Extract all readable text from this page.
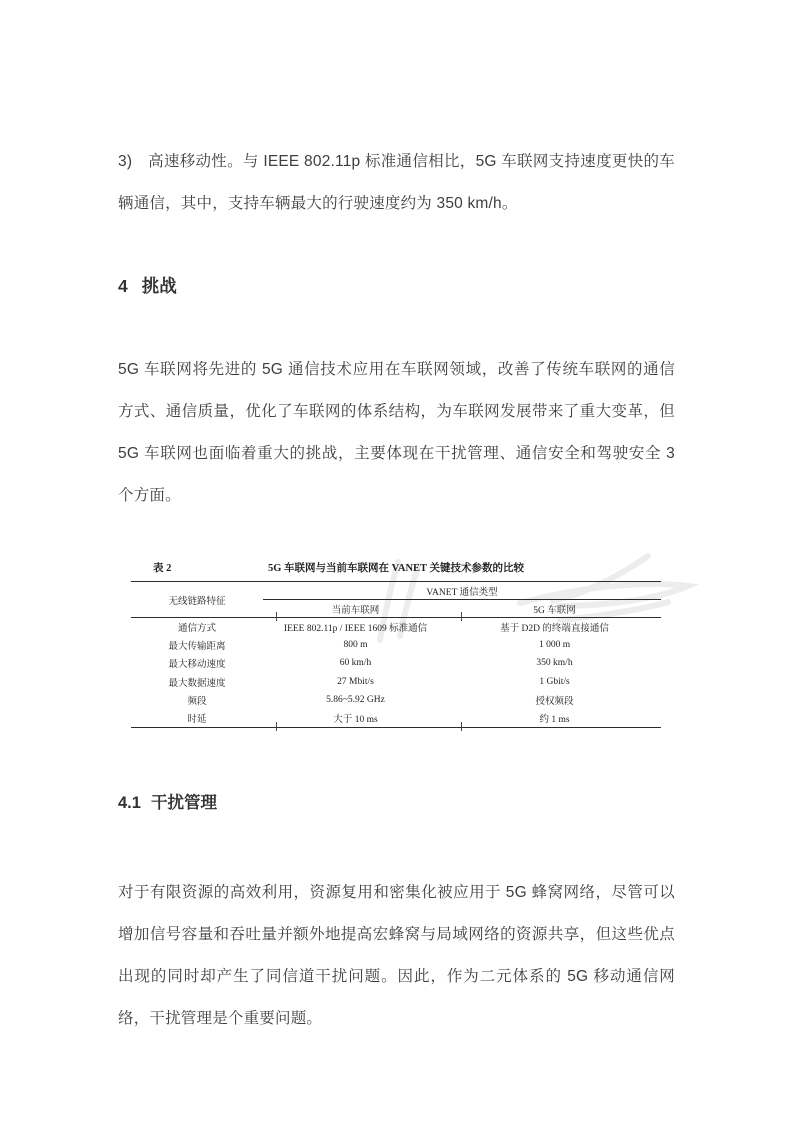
3)　高速移动性。与 IEEE 802.11p 标准通信相比，5G 车联网支持速度更快的车辆通信，其中，支持车辆最大的行驶速度约为 350 km/h。

4 挑战

5G 车联网将先进的 5G 通信技术应用在车联网领域，改善了传统车联网的通信方式、通信质量，优化了车联网的体系结构，为车联网发展带来了重大变革，但 5G 车联网也面临着重大的挑战，主要体现在干扰管理、通信安全和驾驶安全 3 个方面。

表 2	5G 车联网与当前车联网在 VANET 关键技术参数的比较
无线链路特征	VANET 通信类型	
	当前车联网	5G 车联网
通信方式	IEEE 802.11p / IEEE 1609 标准通信	基于 D2D 的终端直接通信
最大传输距离	800 m	1 000 m
最大移动速度	60 km/h	350 km/h
最大数据速度	27 Mbit/s	1 Gbit/s
频段	5.86~5.92 GHz	授权频段
时延	大于 10 ms	约 1 ms
4.1 干扰管理

对于有限资源的高效利用，资源复用和密集化被应用于 5G 蜂窝网络，尽管可以增加信号容量和吞吐量并额外地提高宏蜂窝与局域网络的资源共享，但这些优点出现的同时却产生了同信道干扰问题。因此，作为二元体系的 5G 移动通信网络，干扰管理是个重要问题。
